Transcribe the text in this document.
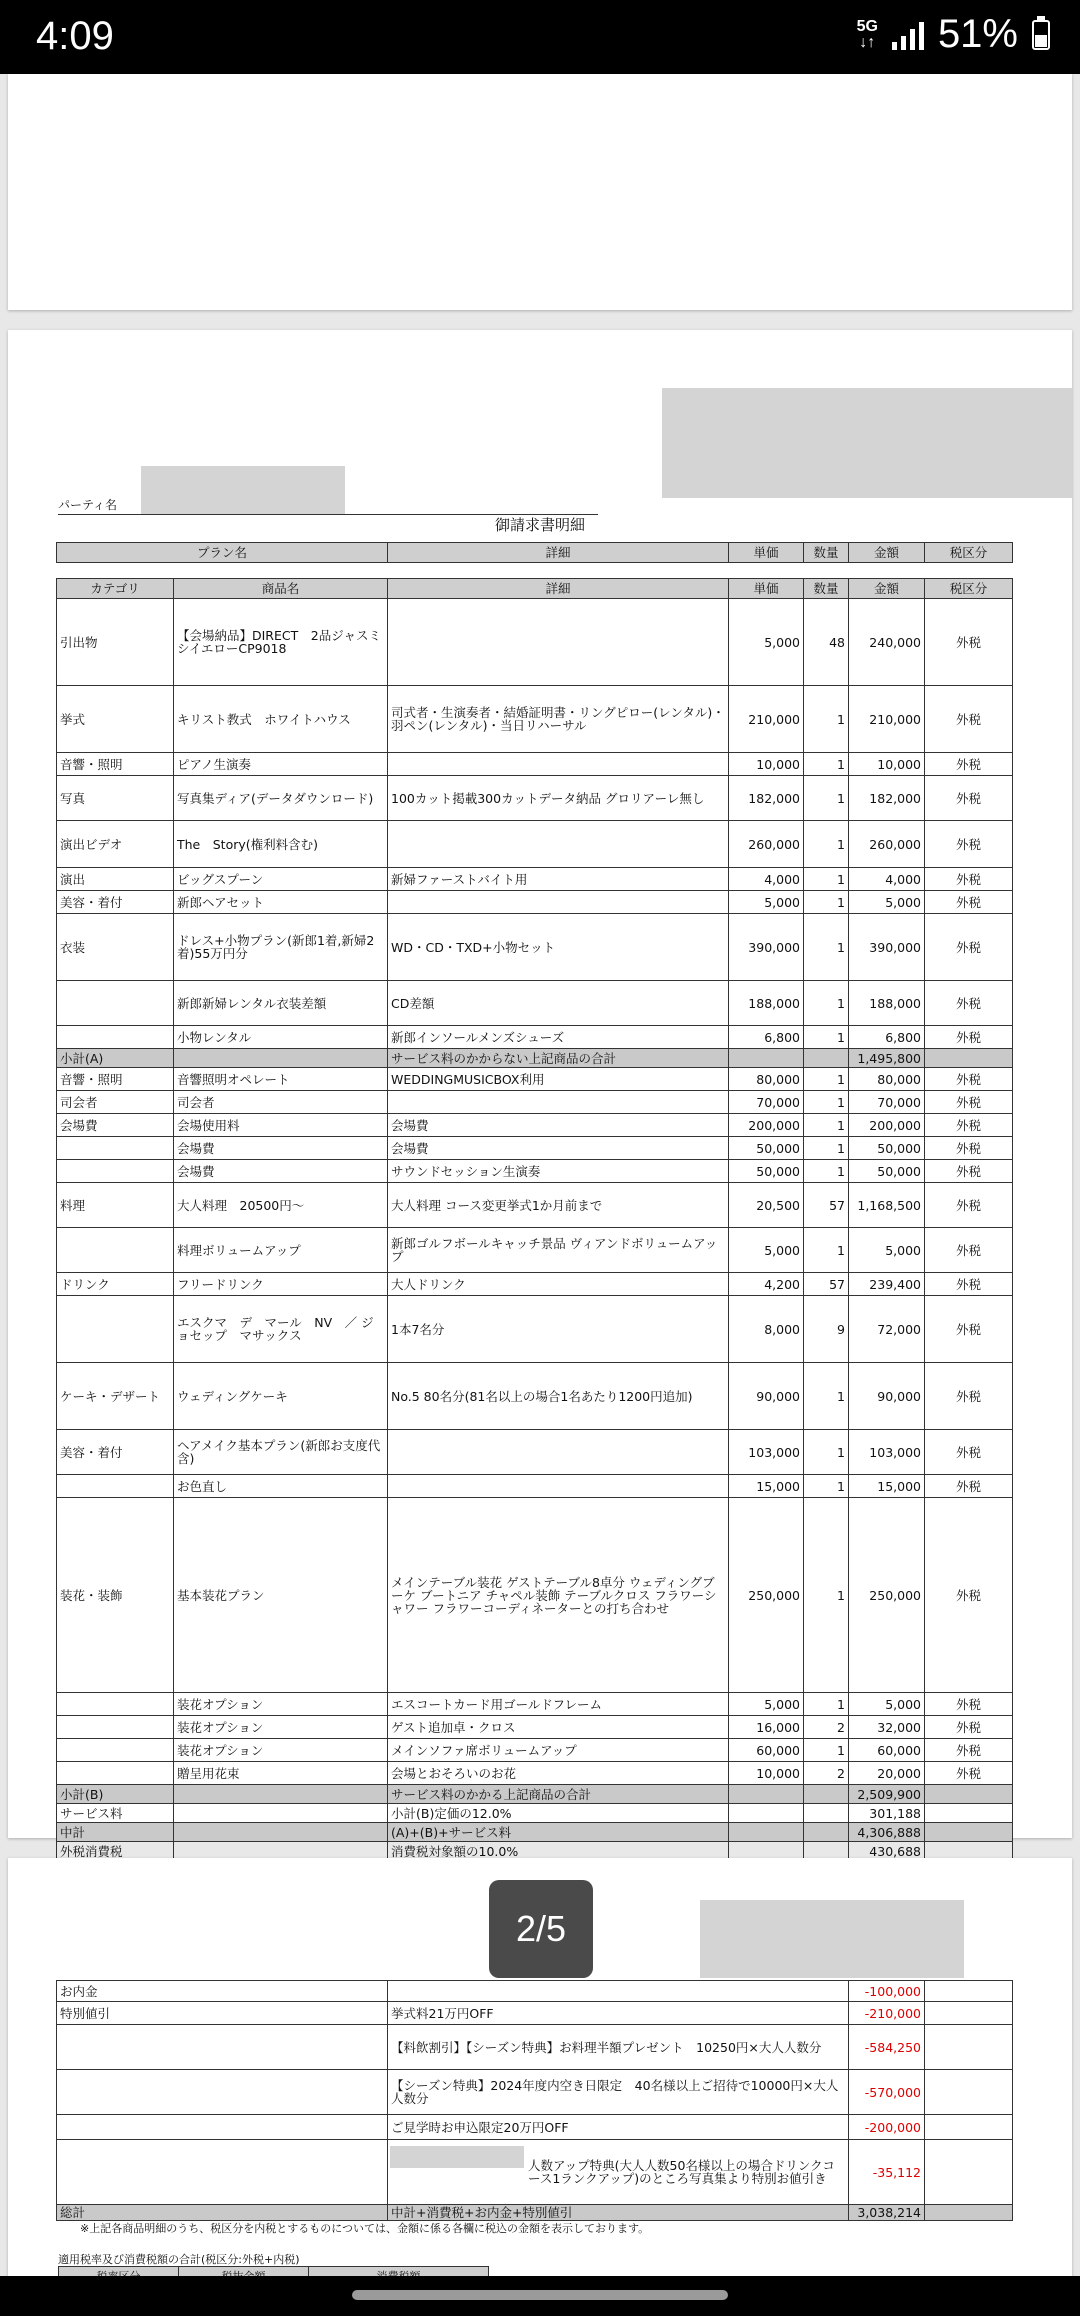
4:09	5G
↓↑ 51%
パーティ名
御請求書明細
プラン名	詳細	単価	数量	金額	税区分
カテゴリ	商品名	詳細	単価	数量	金額	税区分
引出物	【会場納品】DIRECT　2品ジャスミ シイエローCP9018		5,000	48	240,000	外税
挙式	キリスト教式　ホワイトハウス	司式者・生演奏者・結婚証明書・リングピロー(レンタル)・羽ペン(レンタル)・当日リハーサル	210,000	1	210,000	外税
音響・照明	ピアノ生演奏		10,000	1	10,000	外税
写真	写真集ディア(データダウンロード)	100カット掲載300カットデータ納品 グロリアーレ無し	182,000	1	182,000	外税
演出ビデオ	The　Story(権利料含む)		260,000	1	260,000	外税
演出	ビッグスプーン	新婦ファーストバイト用	4,000	1	4,000	外税
美容・着付	新郎ヘアセット		5,000	1	5,000	外税
衣装	ドレス+小物プラン(新郎1着,新婦2着)55万円分	WD・CD・TXD+小物セット	390,000	1	390,000	外税
	新郎新婦レンタル衣装差額	CD差額	188,000	1	188,000	外税
	小物レンタル	新郎インソールメンズシューズ	6,800	1	6,800	外税
小計(A)		サービス料のかからない上記商品の合計			1,495,800	
音響・照明	音響照明オペレート	WEDDINGMUSICBOX利用	80,000	1	80,000	外税
司会者	司会者		70,000	1	70,000	外税
会場費	会場使用料	会場費	200,000	1	200,000	外税
	会場費	会場費	50,000	1	50,000	外税
	会場費	サウンドセッション生演奏	50,000	1	50,000	外税
料理	大人料理　20500円～	大人料理 コース変更挙式1か月前まで	20,500	57	1,168,500	外税
	料理ボリュームアップ	新郎ゴルフボールキャッチ景品 ヴィアンドボリュームアップ	5,000	1	5,000	外税
ドリンク	フリードリンク	大人ドリンク	4,200	57	239,400	外税
	エスクマ　デ　マール　NV　／ ジョセップ　マサックス	1本7名分	8,000	9	72,000	外税
ケーキ・デザート	ウェディングケーキ	No.5 80名分(81名以上の場合1名あたり1200円追加)	90,000	1	90,000	外税
美容・着付	ヘアメイク基本プラン(新郎お支度代含)		103,000	1	103,000	外税
	お色直し		15,000	1	15,000	外税
装花・装飾	基本装花プラン	メインテーブル装花 ゲストテーブル8卓分 ウェディングブーケ ブートニア チャペル装飾 テーブルクロス フラワーシャワー フラワーコーディネーターとの打ち合わせ	250,000	1	250,000	外税
	装花オプション	エスコートカード用ゴールドフレーム	5,000	1	5,000	外税
	装花オプション	ゲスト追加卓・クロス	16,000	2	32,000	外税
	装花オプション	メインソファ席ボリュームアップ	60,000	1	60,000	外税
	贈呈用花束	会場とおそろいのお花	10,000	2	20,000	外税
小計(B)		サービス料のかかる上記商品の合計			2,509,900	
サービス料		小計(B)定価の12.0%			301,188	
中計		(A)+(B)+サービス料			4,306,888	
外税消費税		消費税対象額の10.0%			430,688	
お内金		-100,000	
特別値引	挙式料21万円OFF	-210,000	
	【料飲割引】【シーズン特典】お料理半額プレゼント　10250円×大人人数分	-584,250	
	【シーズン特典】2024年度内空き日限定　40名様以上ご招待で10000円×大人人数分	-570,000	
	ご見学時お申込限定20万円OFF	-200,000	
	人数アップ特典(大人人数50名様以上の場合ドリンクコース1ランクアップ)のところ写真集より特別お値引き	-35,112	
総計	中計+消費税+お内金+特別値引	3,038,214	
※上記各商品明細のうち、税区分を内税とするものについては、金額に係る各欄に税込の金額を表示しております。
適用税率及び消費税額の合計(税区分:外税+内税)

2/5
